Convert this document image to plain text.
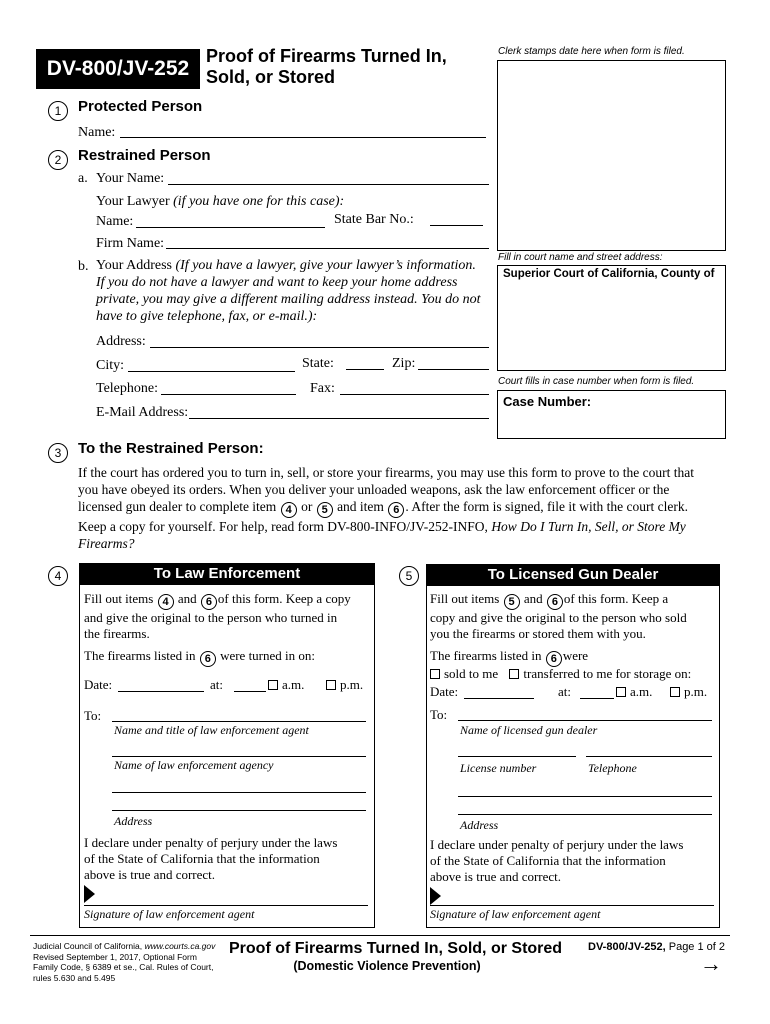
DV-800/JV-252
Proof of Firearms Turned In,
Sold, or Stored
Clerk stamps date here when form is filed.
Fill in court name and street address:
Superior Court of California, County of
Court fills in case number when form is filed.
Case Number:
1	Protected Person
Name:
2	Restrained Person
a. Your Name:
Your Lawyer (if you have one for this case):
Name:	State Bar No.:
Firm Name:
b. Your Address (If you have a lawyer, give your lawyer’s information.
If you do not have a lawyer and want to keep your home address
private, you may give a different mailing address instead. You do not
have to give telephone, fax, or e-mail.):
Address:
City:	State:	Zip:
Telephone:	Fax:
E-Mail Address:
3	To the Restrained Person:
If the court has ordered you to turn in, sell, or store your firearms, you may use this form to prove to the court that
you have obeyed its orders. When you deliver your unloaded weapons, ask the law enforcement officer or the
licensed gun dealer to complete item 4 or 5 and item 6 . After the form is signed, file it with the court clerk.
Keep a copy for yourself. For help, read form DV-800-INFO/JV-252-INFO, How Do I Turn In, Sell, or Store My
Firearms?
4	To Law Enforcement
Fill out items 4 and 6 of this form. Keep a copy
and give the original to the person who turned in
the firearms.
The firearms listed in 6 were turned in on:
Date:	at:	a.m.	p.m.
To:
Name and title of law enforcement agent
Name of law enforcement agency
Address
I declare under penalty of perjury under the laws
of the State of California that the information
above is true and correct.
Signature of law enforcement agent
5	To Licensed Gun Dealer
Fill out items 5 and 6 of this form. Keep a
copy and give the original to the person who sold
you the firearms or stored them with you.
The firearms listed in 6 were
sold to me transferred to me for storage on:
Date:	at:	a.m.	p.m.
To:
Name of licensed gun dealer
License number	Telephone
Address
I declare under penalty of perjury under the laws
of the State of California that the information
above is true and correct.
Signature of law enforcement agent
Judicial Council of California, www.courts.ca.gov
Revised September 1, 2017, Optional Form
Family Code, § 6389 et se., Cal. Rules of Court,
rules 5.630 and 5.495
Proof of Firearms Turned In, Sold, or Stored
(Domestic Violence Prevention)
DV-800/JV-252, Page 1 of 2
→
